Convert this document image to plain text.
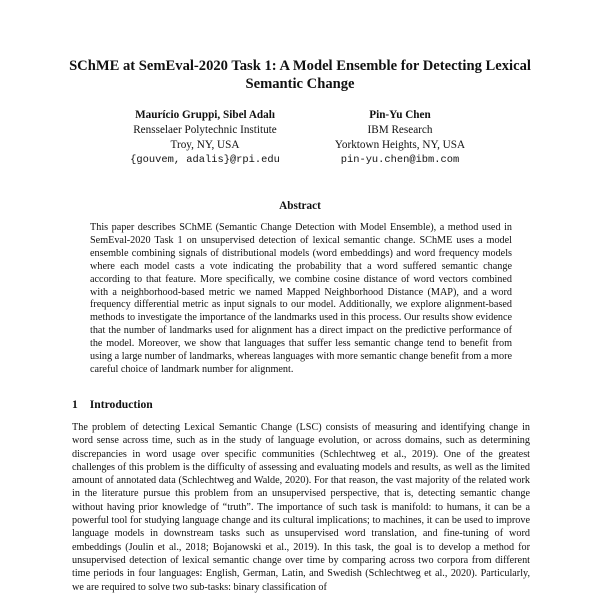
SChME at SemEval-2020 Task 1: A Model Ensemble for Detecting Lexical Semantic Change
Maurício Gruppi, Sibel Adalı
Rensselaer Polytechnic Institute
Troy, NY, USA
{gouvem, adalis}@rpi.edu
Pin-Yu Chen
IBM Research
Yorktown Heights, NY, USA
pin-yu.chen@ibm.com
Abstract

This paper describes SChME (Semantic Change Detection with Model Ensemble), a method used in SemEval-2020 Task 1 on unsupervised detection of lexical semantic change. SChME uses a model ensemble combining signals of distributional models (word embeddings) and word frequency models where each model casts a vote indicating the probability that a word suffered semantic change according to that feature. More specifically, we combine cosine distance of word vectors combined with a neighborhood-based metric we named Mapped Neighborhood Distance (MAP), and a word frequency differential metric as input signals to our model. Additionally, we explore alignment-based methods to investigate the importance of the landmarks used in this process. Our results show evidence that the number of landmarks used for alignment has a direct impact on the predictive performance of the model. Moreover, we show that languages that suffer less semantic change tend to benefit from using a large number of landmarks, whereas languages with more semantic change benefit from a more careful choice of landmark number for alignment.

1 Introduction

The problem of detecting Lexical Semantic Change (LSC) consists of measuring and identifying change in word sense across time, such as in the study of language evolution, or across domains, such as determining discrepancies in word usage over specific communities (Schlechtweg et al., 2019). One of the greatest challenges of this problem is the difficulty of assessing and evaluating models and results, as well as the limited amount of annotated data (Schlechtweg and Walde, 2020). For that reason, the vast majority of the related work in the literature pursue this problem from an unsupervised perspective, that is, detecting semantic change without having prior knowledge of “truth”. The importance of such task is manifold: to humans, it can be a powerful tool for studying language change and its cultural implications; to machines, it can be used to improve language models in downstream tasks such as unsupervised word translation, and fine-tuning of word embeddings (Joulin et al., 2018; Bojanowski et al., 2019). In this task, the goal is to develop a method for unsupervised detection of lexical semantic change over time by comparing across two corpora from different time periods in four languages: English, German, Latin, and Swedish (Schlechtweg et al., 2020). Particularly, we are required to solve two sub-tasks: binary classification of
